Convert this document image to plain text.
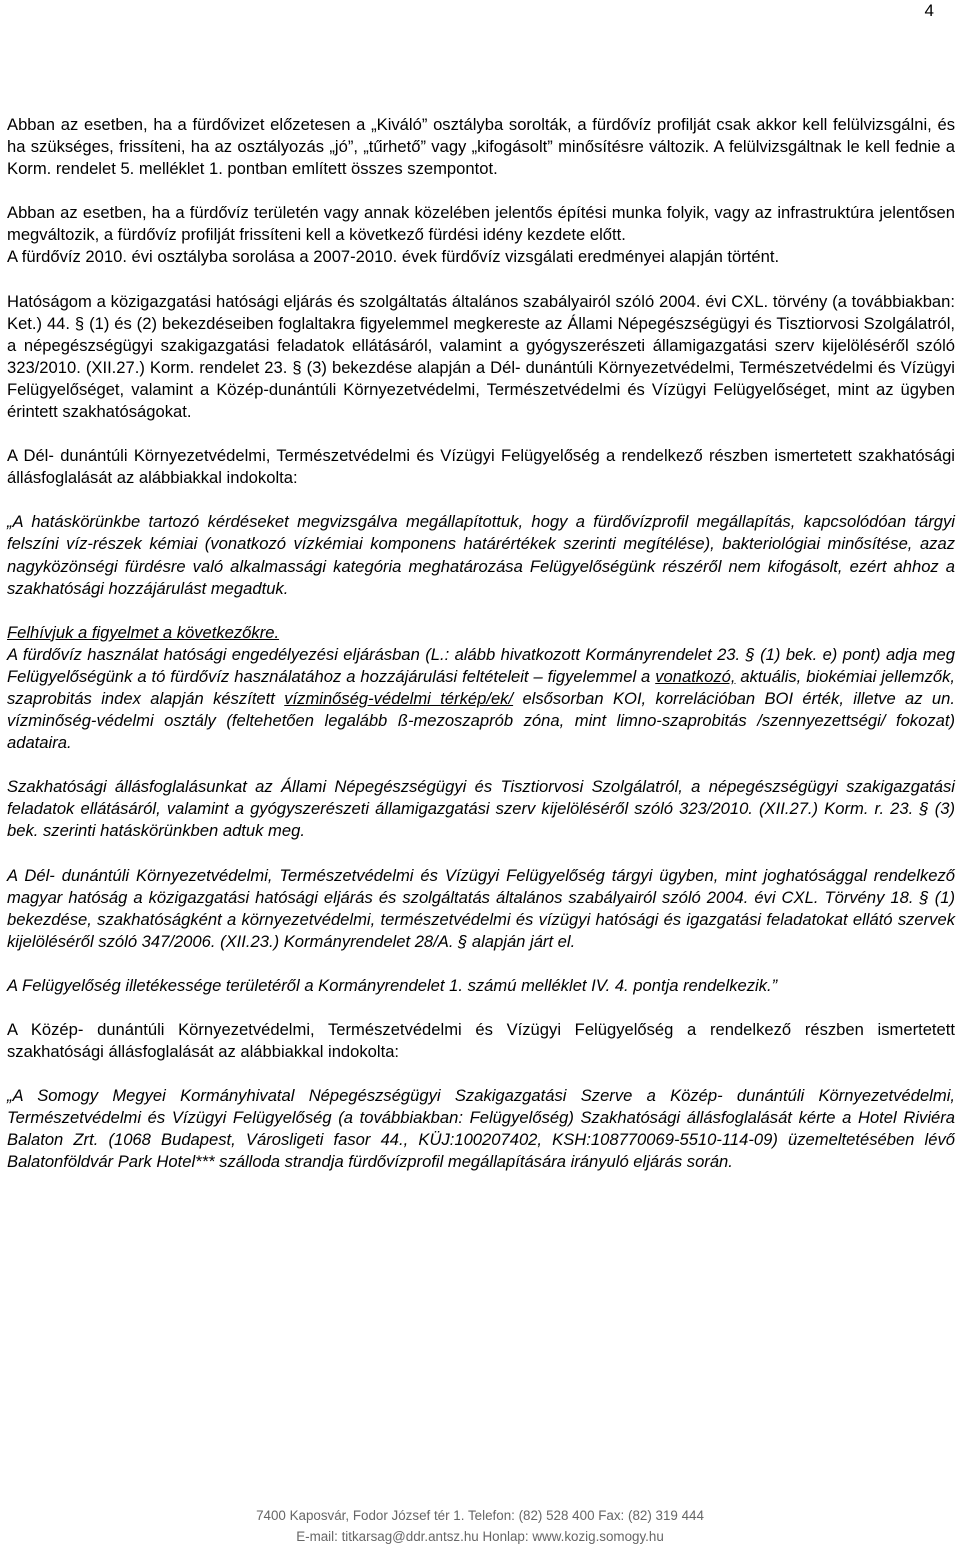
4

Abban az esetben, ha a fürdővizet előzetesen a „Kiváló” osztályba sorolták, a fürdővíz profilját csak akkor kell felülvizsgálni, és ha szükséges, frissíteni, ha az osztályozás „jó”, „tűrhető” vagy „kifogásolt” minősítésre változik. A felülvizsgáltnak le kell fednie a Korm. rendelet 5. melléklet 1. pontban említett összes szempontot.

Abban az esetben, ha a fürdővíz területén vagy annak közelében jelentős építési munka folyik, vagy az infrastruktúra jelentősen megváltozik, a fürdővíz profilját frissíteni kell a következő fürdési idény kezdete előtt.

A fürdővíz 2010. évi osztályba sorolása a 2007-2010. évek fürdővíz vizsgálati eredményei alapján történt.

Hatóságom a közigazgatási hatósági eljárás és szolgáltatás általános szabályairól szóló 2004. évi CXL. törvény (a továbbiakban: Ket.) 44. § (1) és (2) bekezdéseiben foglaltakra figyelemmel megkereste az Állami Népegészségügyi és Tisztiorvosi Szolgálatról, a népegészségügyi szakigazgatási feladatok ellátásáról, valamint a gyógyszerészeti államigazgatási szerv kijelöléséről szóló 323/2010. (XII.27.) Korm. rendelet 23. § (3) bekezdése alapján a Dél- dunántúli Környezetvédelmi, Természetvédelmi és Vízügyi Felügyelőséget, valamint a Közép-dunántúli Környezetvédelmi, Természetvédelmi és Vízügyi Felügyelőséget, mint az ügyben érintett szakhatóságokat.

A Dél- dunántúli Környezetvédelmi, Természetvédelmi és Vízügyi Felügyelőség a rendelkező részben ismertetett szakhatósági állásfoglalását az alábbiakkal indokolta:

„A hatáskörünkbe tartozó kérdéseket megvizsgálva megállapítottuk, hogy a fürdővízprofil megállapítás, kapcsolódóan tárgyi felszíni víz-részek kémiai (vonatkozó vízkémiai komponens határértékek szerinti megítélése), bakteriológiai minősítése, azaz nagyközönségi fürdésre való alkalmassági kategória meghatározása Felügyelőségünk részéről nem kifogásolt, ezért ahhoz a szakhatósági hozzájárulást megadtuk.

Felhívjuk a figyelmet a következőkre.

A fürdővíz használat hatósági engedélyezési eljárásban (L.: alább hivatkozott Kormányrendelet 23. § (1) bek. e) pont) adja meg Felügyelőségünk a tó fürdővíz használatához a hozzájárulási feltételeit – figyelemmel a vonatkozó, aktuális, biokémiai jellemzők, szaprobitás index alapján készített vízminőség-védelmi térkép/ek/ elsősorban KOI, korrelációban BOI érték, illetve az un. vízminőség-védelmi osztály (feltehetően legalább ß-mezoszaprób zóna, mint limno-szaprobitás /szennyezettségi/ fokozat) adataira.

Szakhatósági állásfoglalásunkat az Állami Népegészségügyi és Tisztiorvosi Szolgálatról, a népegészségügyi szakigazgatási feladatok ellátásáról, valamint a gyógyszerészeti államigazgatási szerv kijelöléséről szóló 323/2010. (XII.27.) Korm. r. 23. § (3) bek. szerinti hatáskörünkben adtuk meg.

A Dél- dunántúli Környezetvédelmi, Természetvédelmi és Vízügyi Felügyelőség tárgyi ügyben, mint joghatósággal rendelkező magyar hatóság a közigazgatási hatósági eljárás és szolgáltatás általános szabályairól szóló 2004. évi CXL. Törvény 18. § (1) bekezdése, szakhatóságként a környezetvédelmi, természetvédelmi és vízügyi hatósági és igazgatási feladatokat ellátó szervek kijelöléséről szóló 347/2006. (XII.23.) Kormányrendelet 28/A. § alapján járt el.

A Felügyelőség illetékessége területéről a Kormányrendelet 1. számú melléklet IV. 4. pontja rendelkezik.”

A Közép- dunántúli Környezetvédelmi, Természetvédelmi és Vízügyi Felügyelőség a rendelkező részben ismertetett szakhatósági állásfoglalását az alábbiakkal indokolta:

„A Somogy Megyei Kormányhivatal Népegészségügyi Szakigazgatási Szerve a Közép- dunántúli Környezetvédelmi, Természetvédelmi és Vízügyi Felügyelőség (a továbbiakban: Felügyelőség) Szakhatósági állásfoglalását kérte a Hotel Riviéra Balaton Zrt. (1068 Budapest, Városligeti fasor 44., KÜJ:100207402, KSH:108770069-5510-114-09) üzemeltetésében lévő Balatonföldvár Park Hotel*** szálloda strandja fürdővízprofil megállapítására irányuló eljárás során.

7400 Kaposvár, Fodor József tér 1. Telefon: (82) 528 400 Fax: (82) 319 444
E-mail: titkarsag@ddr.antsz.hu Honlap: www.kozig.somogy.hu
